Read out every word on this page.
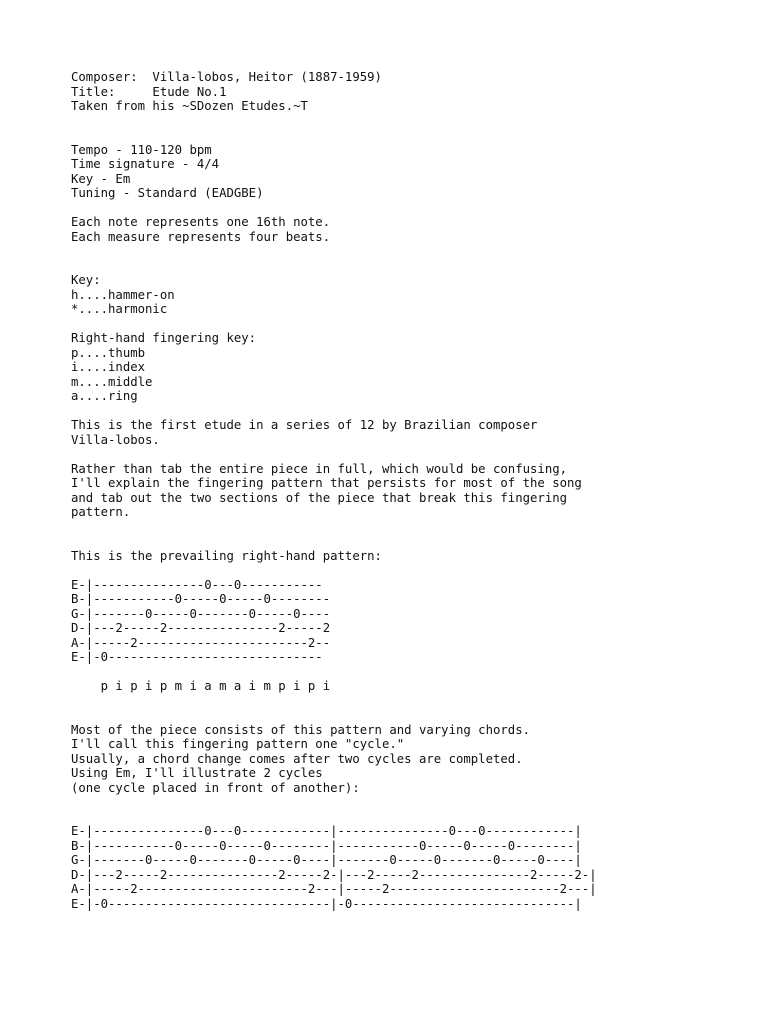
Composer:  Villa-lobos, Heitor (1887-1959)
Title:     Etude No.1
Taken from his ~SDozen Etudes.~T
Tempo - 110-120 bpm
Time signature - 4/4
Key - Em
Tuning - Standard (EADGBE)
Each note represents one 16th note.
Each measure represents four beats.
Key:
h....hammer-on
*....harmonic
Right-hand fingering key:
p....thumb
i....index
m....middle
a....ring
This is the first etude in a series of 12 by Brazilian composer
Villa-lobos.
Rather than tab the entire piece in full, which would be confusing,
I'll explain the fingering pattern that persists for most of the song
and tab out the two sections of the piece that break this fingering
pattern.
This is the prevailing right-hand pattern:
E-|---------------0---0-----------
B-|-----------0-----0-----0--------
G-|-------0-----0-------0-----0----
D-|---2-----2---------------2-----2
A-|-----2-----------------------2--
E-|-0-----------------------------
p i p i p m i a m a i m p i p i
Most of the piece consists of this pattern and varying chords.
I'll call this fingering pattern one "cycle."
Usually, a chord change comes after two cycles are completed.
Using Em, I'll illustrate 2 cycles
(one cycle placed in front of another):
E-|---------------0---0------------|---------------0---0------------|
B-|-----------0-----0-----0--------|-----------0-----0-----0--------|
G-|-------0-----0-------0-----0----|-------0-----0-------0-----0----|
D-|---2-----2---------------2-----2-|---2-----2---------------2-----2-|
A-|-----2-----------------------2---|-----2-----------------------2---|
E-|-0------------------------------|-0------------------------------|
